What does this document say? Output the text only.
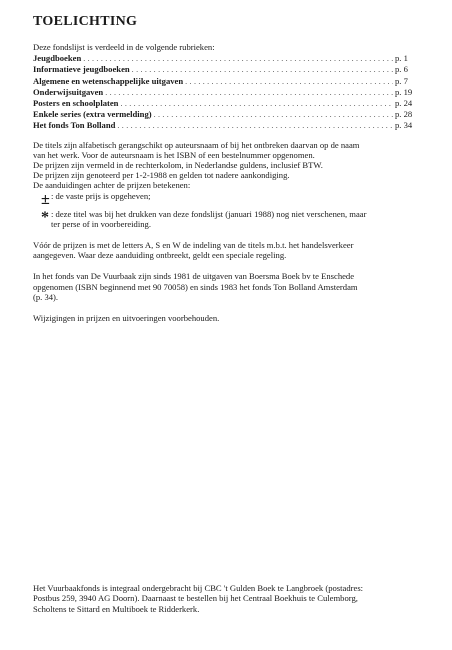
TOELICHTING

Deze fondslijst is verdeeld in de volgende rubrieken:

Jeugdboeken . . .	p. 1
Informatieve jeugdboeken . . .	p. 6
Algemene en wetenschappelijke uitgaven . . .	p. 7
Onderwijsuitgaven . . .	p. 19
Posters en schoolplaten . . .	p. 24
Enkele series (extra vermelding) . . .	p. 28
Het fonds Ton Bolland . . .	p. 34

De titels zijn alfabetisch gerangschikt op auteursnaam of bij het ontbreken daarvan op de naam

van het werk. Voor de auteursnaam is het ISBN of een bestelnummer opgenomen.

De prijzen zijn vermeld in de rechterkolom, in Nederlandse guldens, inclusief BTW.

De prijzen zijn genoteerd per 1-2-1988 en gelden tot nadere aankondiging.

De aanduidingen achter de prijzen betekenen:

± : de vaste prijs is opgeheven;

* : deze titel was bij het drukken van deze fondslijst (januari 1988) nog niet verschenen, maar

ter perse of in voorbereiding.

Vóór de prijzen is met de letters A, S en W de indeling van de titels m.b.t. het handelsverkeer

aangegeven. Waar deze aanduiding ontbreekt, geldt een speciale regeling.

In het fonds van De Vuurbaak zijn sinds 1981 de uitgaven van Boersma Boek bv te Enschede

opgenomen (ISBN beginnend met 90 70058) en sinds 1983 het fonds Ton Bolland Amsterdam

(p. 34).

Wijzigingen in prijzen en uitvoeringen voorbehouden.

Het Vuurbaakfonds is integraal ondergebracht bij CBC 't Gulden Boek te Langbroek (postadres:

Postbus 259, 3940 AG Doorn). Daarnaast te bestellen bij het Centraal Boekhuis te Culemborg,

Scholtens te Sittard en Multiboek te Ridderkerk.
